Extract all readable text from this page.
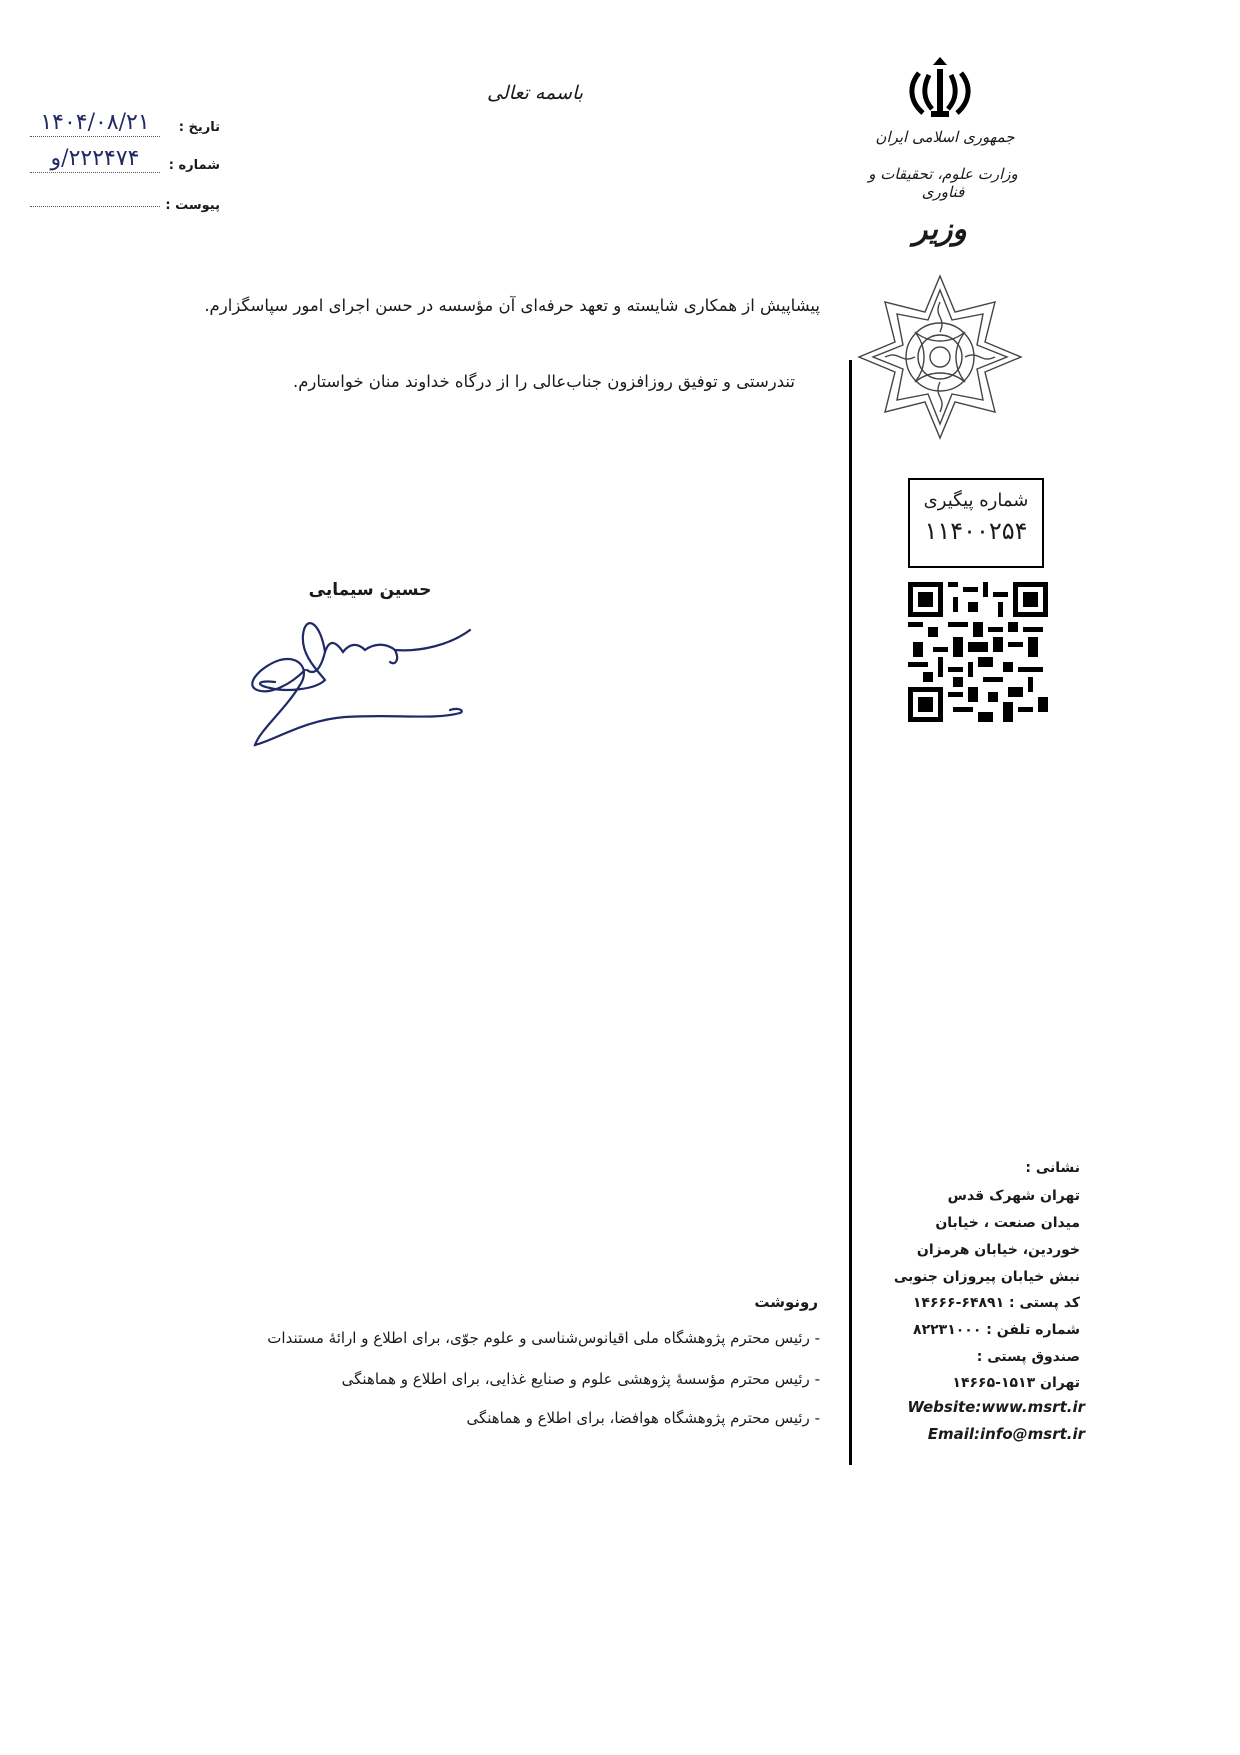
باسمه تعالی
تاریخ :
۱۴۰۴/۰۸/۲۱
شماره :
۲۲۲۴۷۴/و
پیوست :
جمهوری اسلامی ایران
وزارت علوم، تحقیقات و فناوری
وزیر
پیشاپیش از همکاری شایسته و تعهد حرفه‌ای آن مؤسسه در حسن اجرای امور سپاسگزارم.
تندرستی و توفیق روزافزون جناب‌عالی را از درگاه خداوند منان خواستارم.
شماره پیگیری
۱۱۴۰۰۲۵۴
حسین سیمایی
رونوشت
- رئیس محترم پژوهشگاه ملی اقیانوس‌شناسی و علوم جوّی، برای اطلاع و ارائهٔ مستندات
- رئیس محترم مؤسسهٔ پژوهشی علوم و صنایع غذایی، برای اطلاع و هماهنگی
- رئیس محترم پژوهشگاه هوافضا، برای اطلاع و هماهنگی
نشانی :
تهران شهرک قدس
میدان صنعت ، خیابان
خوردین، خیابان هرمزان
نبش خیابان پیروزان جنوبی
کد پستی : ۶۴۸۹۱-۱۴۶۶۶
شماره تلفن : ۸۲۲۳۱۰۰۰
صندوق پستی :
تهران ۱۵۱۳-۱۴۶۶۵
Website:www.msrt.ir
Email:info@msrt.ir
